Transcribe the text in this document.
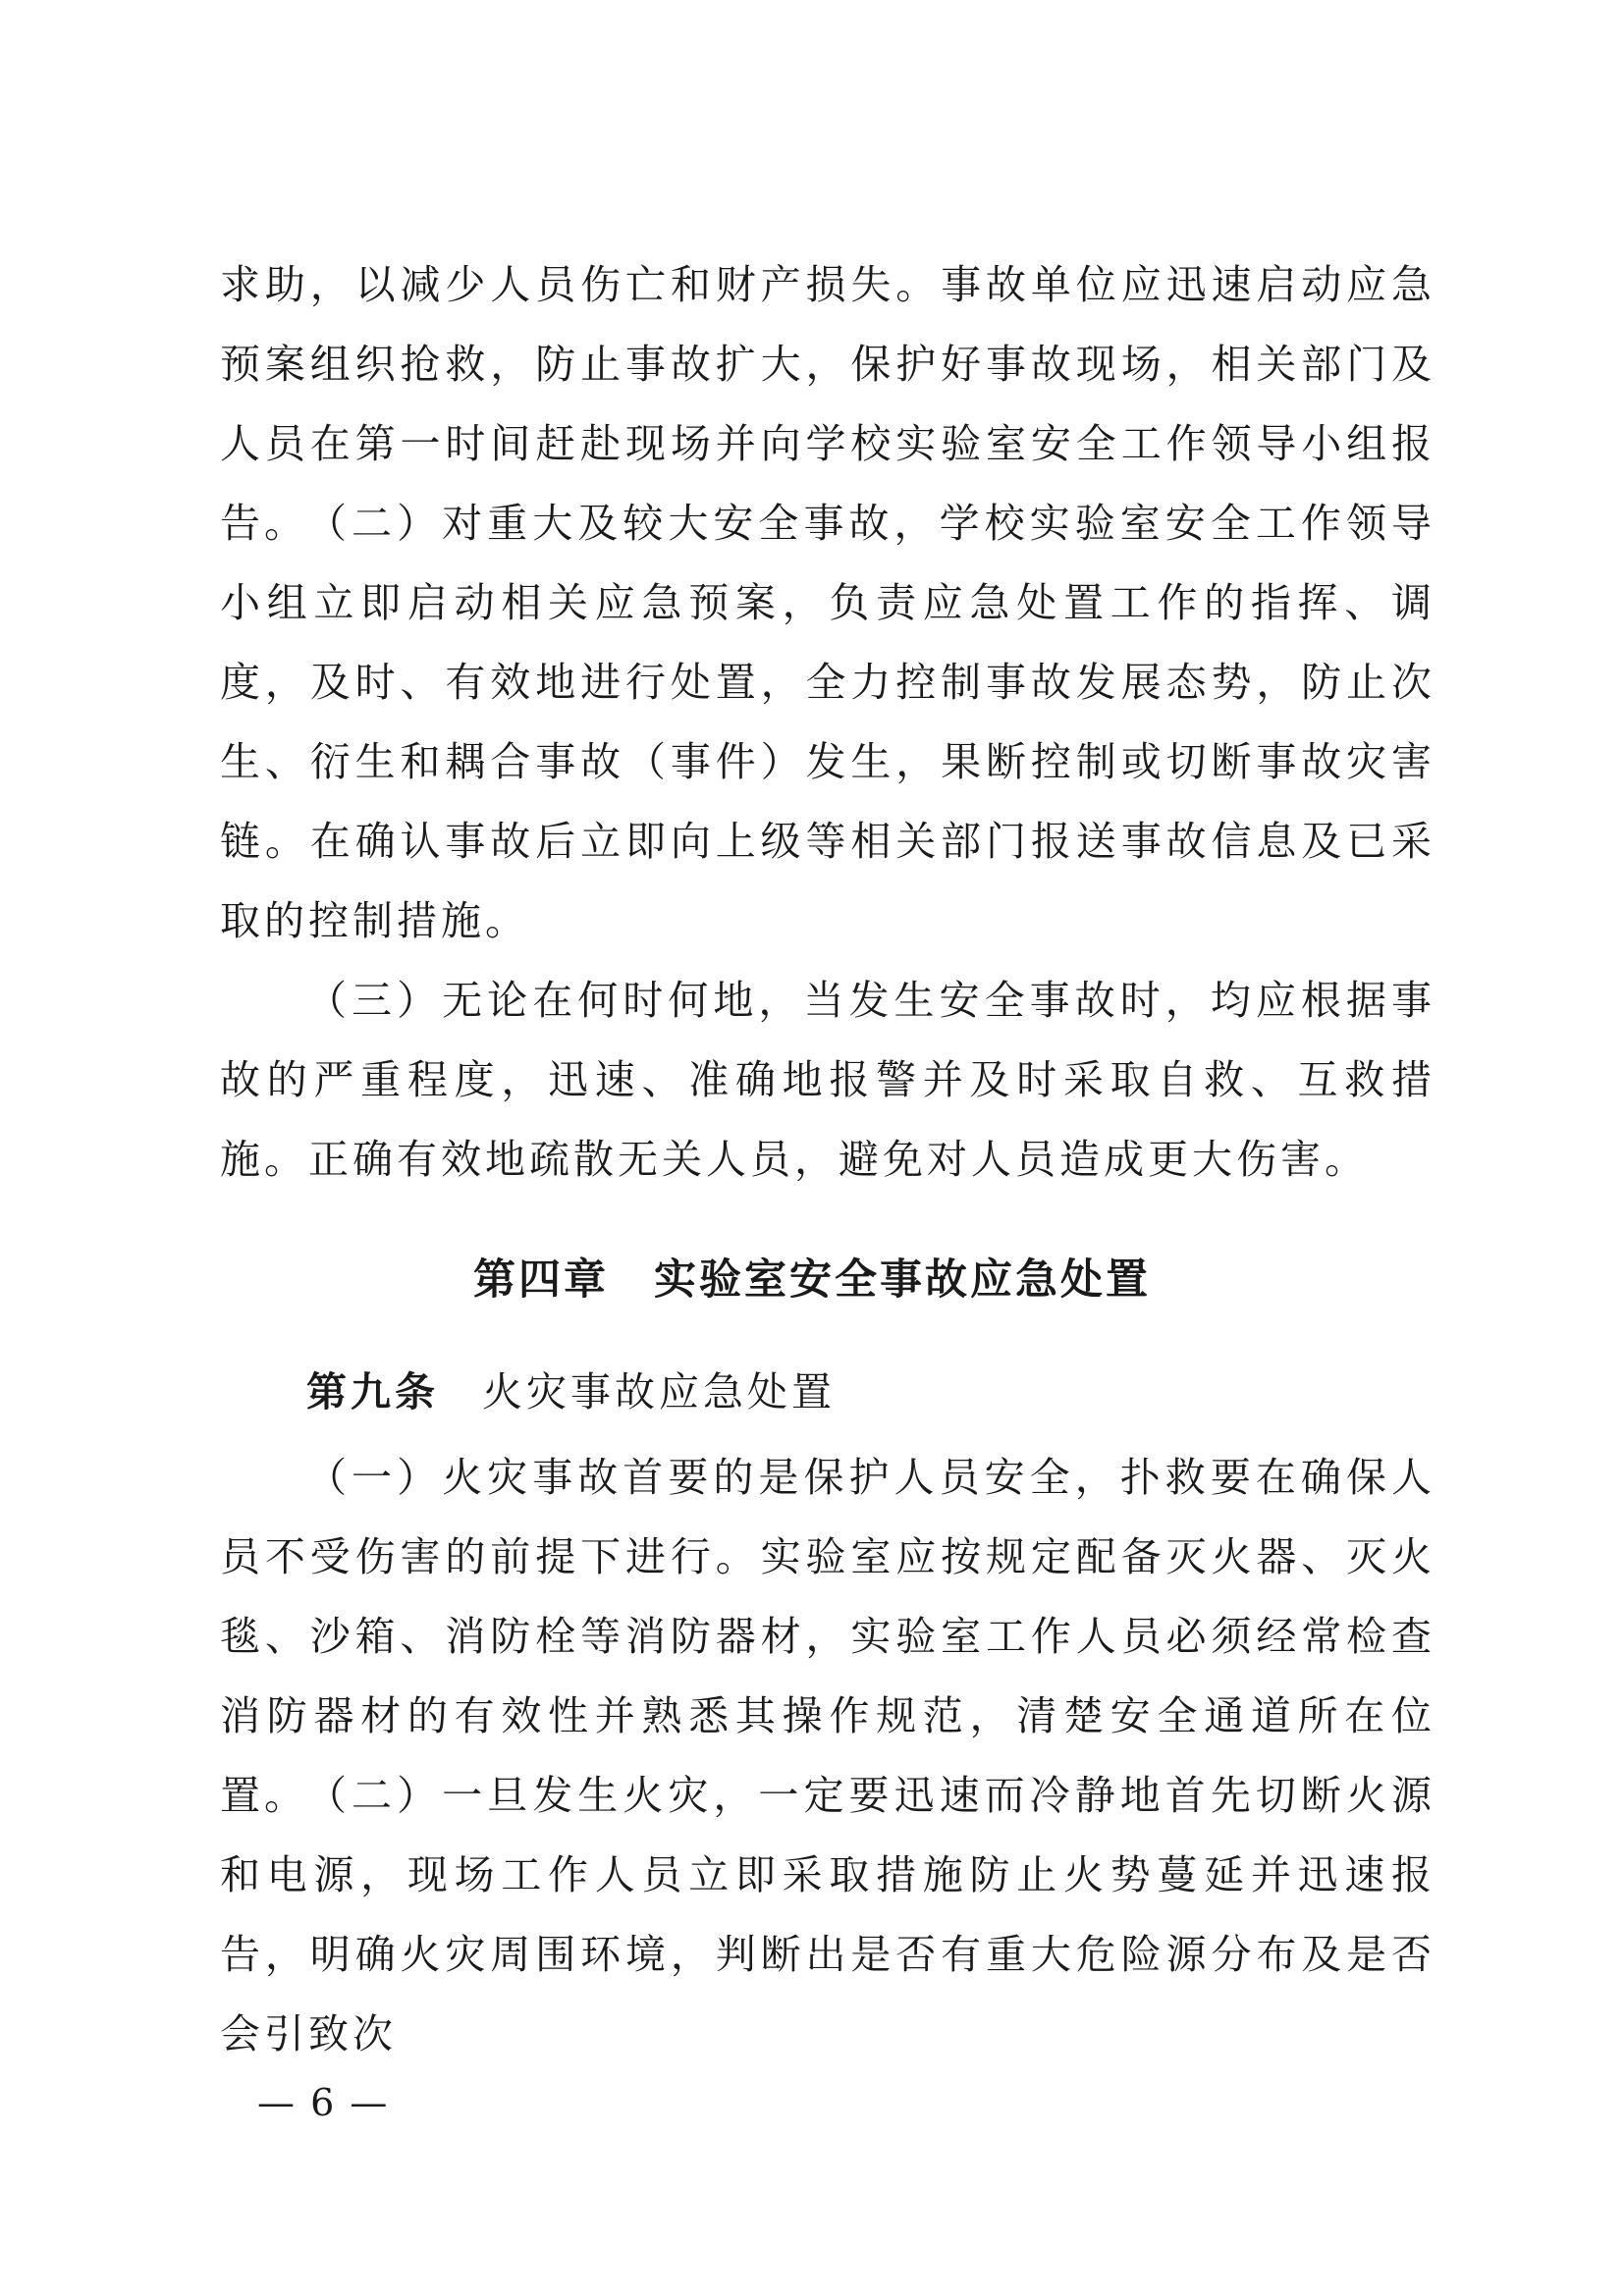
求助，以减少人员伤亡和财产损失。事故单位应迅速启动应急预案组织抢救，防止事故扩大，保护好事故现场，相关部门及人员在第一时间赶赴现场并向学校实验室安全工作领导小组报告。

（二）对重大及较大安全事故，学校实验室安全工作领导小组立即启动相关应急预案，负责应急处置工作的指挥、调度，及时、有效地进行处置，全力控制事故发展态势，防止次生、衍生和耦合事故（事件）发生，果断控制或切断事故灾害链。在确认事故后立即向上级等相关部门报送事故信息及已采取的控制措施。

（三）无论在何时何地，当发生安全事故时，均应根据事故的严重程度，迅速、准确地报警并及时采取自救、互救措施。正确有效地疏散无关人员，避免对人员造成更大伤害。

第四章　实验室安全事故应急处置
第九条 火灾事故应急处置

（一）火灾事故首要的是保护人员安全，扑救要在确保人员不受伤害的前提下进行。实验室应按规定配备灭火器、灭火毯、沙箱、消防栓等消防器材，实验室工作人员必须经常检查消防器材的有效性并熟悉其操作规范，清楚安全通道所在位置。

（二）一旦发生火灾，一定要迅速而冷静地首先切断火源和电源，现场工作人员立即采取措施防止火势蔓延并迅速报告，明确火灾周围环境，判断出是否有重大危险源分布及是否会引致次

— 6 —
